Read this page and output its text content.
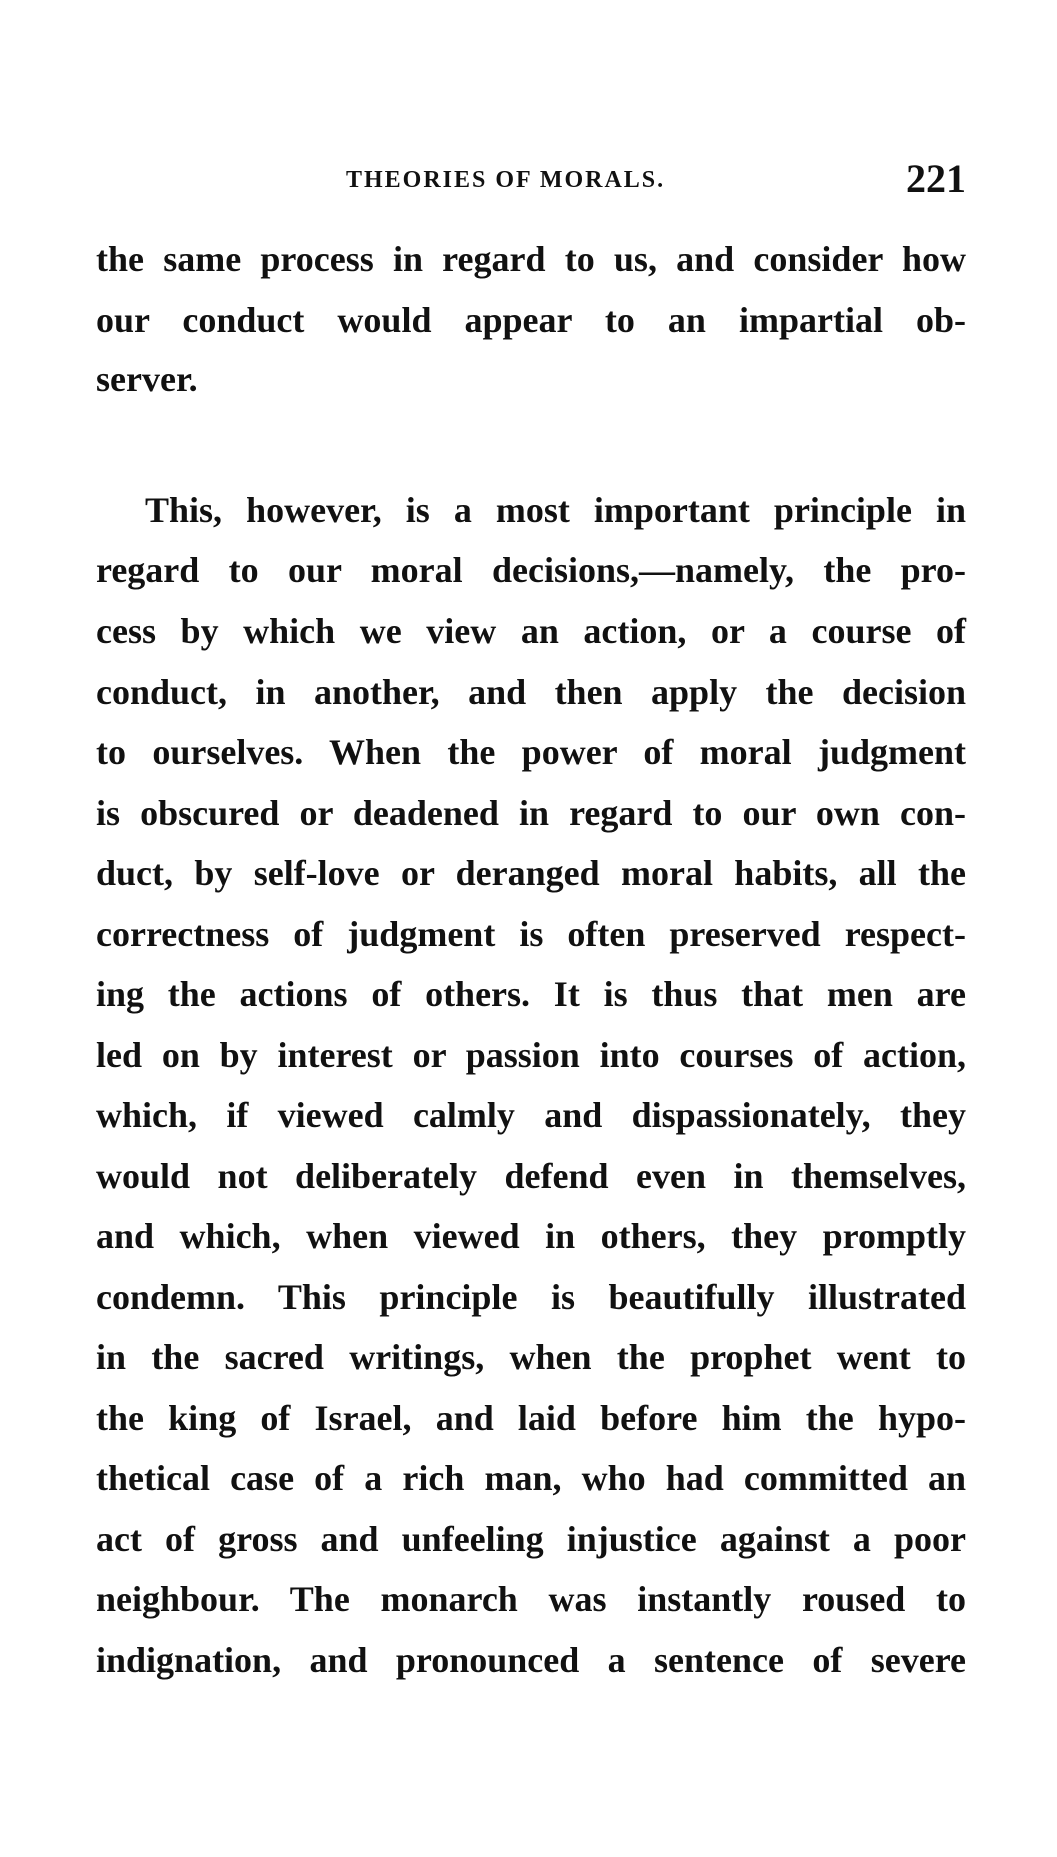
THEORIES OF MORALS.	221
the same process in regard to us, and consider how
our conduct would appear to an impartial ob-
server.
This, however, is a most important principle in
regard to our moral decisions,—namely, the pro-
cess by which we view an action, or a course of
conduct, in another, and then apply the decision
to ourselves. When the power of moral judgment
is obscured or deadened in regard to our own con-
duct, by self-love or deranged moral habits, all the
correctness of judgment is often preserved respect-
ing the actions of others. It is thus that men are
led on by interest or passion into courses of action,
which, if viewed calmly and dispassionately, they
would not deliberately defend even in themselves,
and which, when viewed in others, they promptly
condemn. This principle is beautifully illustrated
in the sacred writings, when the prophet went to
the king of Israel, and laid before him the hypo-
thetical case of a rich man, who had committed an
act of gross and unfeeling injustice against a poor
neighbour. The monarch was instantly roused to
indignation, and pronounced a sentence of severe
